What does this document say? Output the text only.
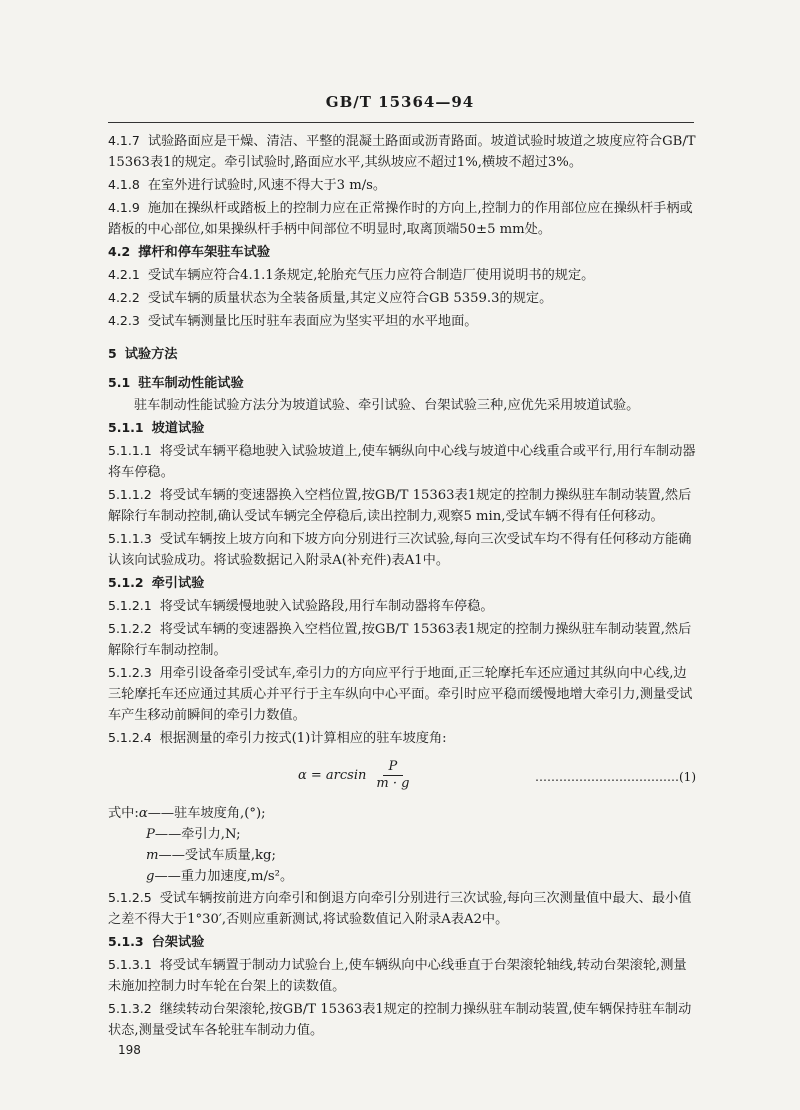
GB/T 15364—94
4.1.7 试验路面应是干燥、清洁、平整的混凝土路面或沥青路面。坡道试验时坡道之坡度应符合GB/T 15363表1的规定。牵引试验时,路面应水平,其纵坡应不超过1%,横坡不超过3%。
4.1.8 在室外进行试验时,风速不得大于3 m/s。
4.1.9 施加在操纵杆或踏板上的控制力应在正常操作时的方向上,控制力的作用部位应在操纵杆手柄或踏板的中心部位,如果操纵杆手柄中间部位不明显时,取离顶端50±5 mm处。
4.2 撑杆和停车架驻车试验
4.2.1 受试车辆应符合4.1.1条规定,轮胎充气压力应符合制造厂使用说明书的规定。
4.2.2 受试车辆的质量状态为全装备质量,其定义应符合GB 5359.3的规定。
4.2.3 受试车辆测量比压时驻车表面应为坚实平坦的水平地面。
5 试验方法
5.1 驻车制动性能试验
驻车制动性能试验方法分为坡道试验、牵引试验、台架试验三种,应优先采用坡道试验。
5.1.1 坡道试验
5.1.1.1 将受试车辆平稳地驶入试验坡道上,使车辆纵向中心线与坡道中心线重合或平行,用行车制动器将车停稳。
5.1.1.2 将受试车辆的变速器换入空档位置,按GB/T 15363表1规定的控制力操纵驻车制动装置,然后解除行车制动控制,确认受试车辆完全停稳后,读出控制力,观察5 min,受试车辆不得有任何移动。
5.1.1.3 受试车辆按上坡方向和下坡方向分别进行三次试验,每向三次受试车均不得有任何移动方能确认该向试验成功。将试验数据记入附录A(补充件)表A1中。
5.1.2 牵引试验
5.1.2.1 将受试车辆缓慢地驶入试验路段,用行车制动器将车停稳。
5.1.2.2 将受试车辆的变速器换入空档位置,按GB/T 15363表1规定的控制力操纵驻车制动装置,然后解除行车制动控制。
5.1.2.3 用牵引设备牵引受试车,牵引力的方向应平行于地面,正三轮摩托车还应通过其纵向中心线,边三轮摩托车还应通过其质心并平行于主车纵向中心平面。牵引时应平稳而缓慢地增大牵引力,测量受试车产生移动前瞬间的牵引力数值。
5.1.2.4 根据测量的牵引力按式(1)计算相应的驻车坡度角:
$\alpha = \arcsin \frac{P}{m \cdot g}$	………………………………(1)
式中:α——驻车坡度角,(°);
P——牵引力,N;
m——受试车质量,kg;
g——重力加速度,m/s²。
5.1.2.5 受试车辆按前进方向牵引和倒退方向牵引分别进行三次试验,每向三次测量值中最大、最小值之差不得大于1°30′,否则应重新测试,将试验数值记入附录A表A2中。
5.1.3 台架试验
5.1.3.1 将受试车辆置于制动力试验台上,使车辆纵向中心线垂直于台架滚轮轴线,转动台架滚轮,测量未施加控制力时车轮在台架上的读数值。
5.1.3.2 继续转动台架滚轮,按GB/T 15363表1规定的控制力操纵驻车制动装置,使车辆保持驻车制动状态,测量受试车各轮驻车制动力值。
198
